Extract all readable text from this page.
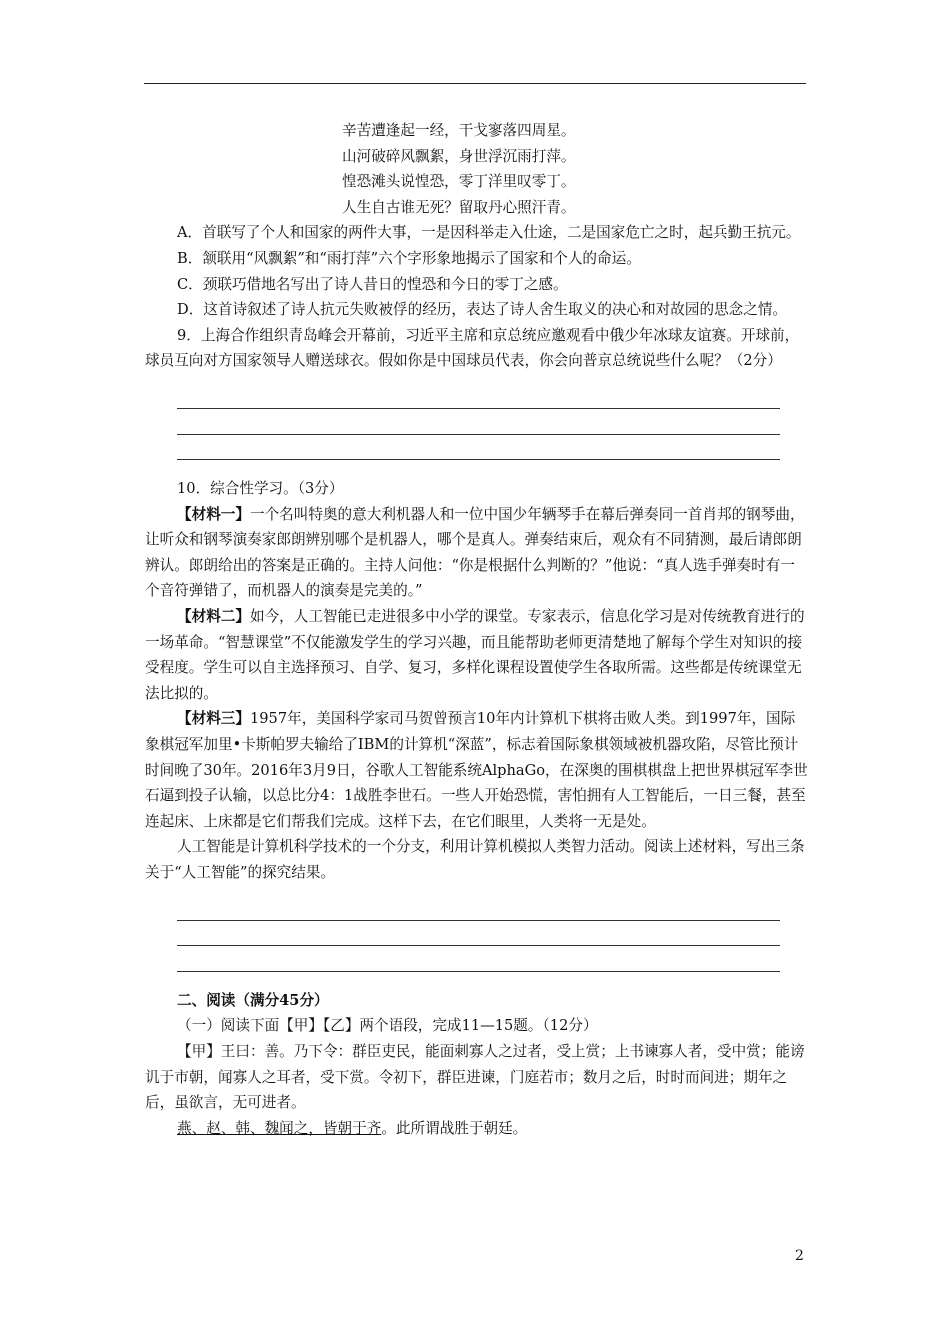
辛苦遭逢起一经，干戈寥落四周星。

山河破碎风飘絮，身世浮沉雨打萍。

惶恐滩头说惶恐，零丁洋里叹零丁。

人生自古谁无死？留取丹心照汗青。

A．首联写了个人和国家的两件大事，一是因科举走入仕途，二是国家危亡之时，起兵勤王抗元。

B．颔联用“风飘絮”和“雨打萍”六个字形象地揭示了国家和个人的命运。

C．颈联巧借地名写出了诗人昔日的惶恐和今日的零丁之感。

D．这首诗叙述了诗人抗元失败被俘的经历，表达了诗人舍生取义的决心和对故园的思念之情。

9．上海合作组织青岛峰会开幕前，习近平主席和京总统应邀观看中俄少年冰球友谊赛。开球前，球员互向对方国家领导人赠送球衣。假如你是中国球员代表，你会向普京总统说些什么呢？（2分）

10．综合性学习。（3分）

【材料一】一个名叫特奥的意大利机器人和一位中国少年辆琴手在幕后弹奏同一首肖邦的钢琴曲，让听众和钢琴演奏家郎朗辨别哪个是机器人，哪个是真人。弹奏结束后，观众有不同猜测，最后请郎朗辨认。郎朗给出的答案是正确的。主持人问他：“你是根据什么判断的？”他说：“真人选手弹奏时有一个音符弹错了，而机器人的演奏是完美的。”

【材料二】如今，人工智能已走进很多中小学的课堂。专家表示，信息化学习是对传统教育进行的一场革命。“智慧课堂”不仅能激发学生的学习兴趣，而且能帮助老师更清楚地了解每个学生对知识的接受程度。学生可以自主选择预习、自学、复习，多样化课程设置使学生各取所需。这些都是传统课堂无法比拟的。

【材料三】1957年，美国科学家司马贺曾预言10年内计算机下棋将击败人类。到1997年，国际象棋冠军加里•卡斯帕罗夫输给了IBM的计算机“深蓝”，标志着国际象棋领域被机器攻陷，尽管比预计时间晚了30年。2016年3月9日，谷歌人工智能系统AlphaGo，在深奥的围棋棋盘上把世界棋冠军李世石逼到投子认输，以总比分4：1战胜李世石。一些人开始恐慌，害怕拥有人工智能后，一日三餐，甚至连起床、上床都是它们帮我们完成。这样下去，在它们眼里，人类将一无是处。

人工智能是计算机科学技术的一个分支，利用计算机模拟人类智力活动。阅读上述材料，写出三条关于“人工智能”的探究结果。

二、阅读（满分45分）

（一）阅读下面【甲】【乙】两个语段，完成11—15题。（12分）

【甲】王曰：善。乃下令：群臣吏民，能面刺寡人之过者，受上赏；上书谏寡人者，受中赏；能谤讥于市朝，闻寡人之耳者，受下赏。令初下，群臣进谏，门庭若市；数月之后，时时而间进；期年之后，虽欲言，无可进者。

燕、赵、韩、魏闻之，皆朝于齐。此所谓战胜于朝廷。

2
